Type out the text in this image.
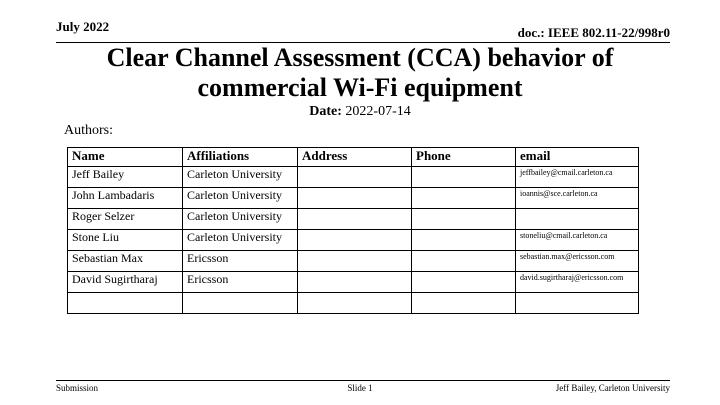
July 2022	doc.: IEEE 802.11-22/998r0
Clear Channel Assessment (CCA) behavior of commercial Wi-Fi equipment
Date: 2022-07-14
Authors:
Name	Affiliations	Address	Phone	email
Jeff Bailey	Carleton University			jeffbailey@cmail.carleton.ca
John Lambadaris	Carleton University			ioannis@sce.carleton.ca
Roger Selzer	Carleton University			
Stone Liu	Carleton University			stoneliu@cmail.carleton.ca
Sebastian Max	Ericsson			sebastian.max@ericsson.com
David Sugirtharaj	Ericsson			david.sugirtharaj@ericsson.com

Submission	Slide 1	Jeff Bailey, Carleton University
